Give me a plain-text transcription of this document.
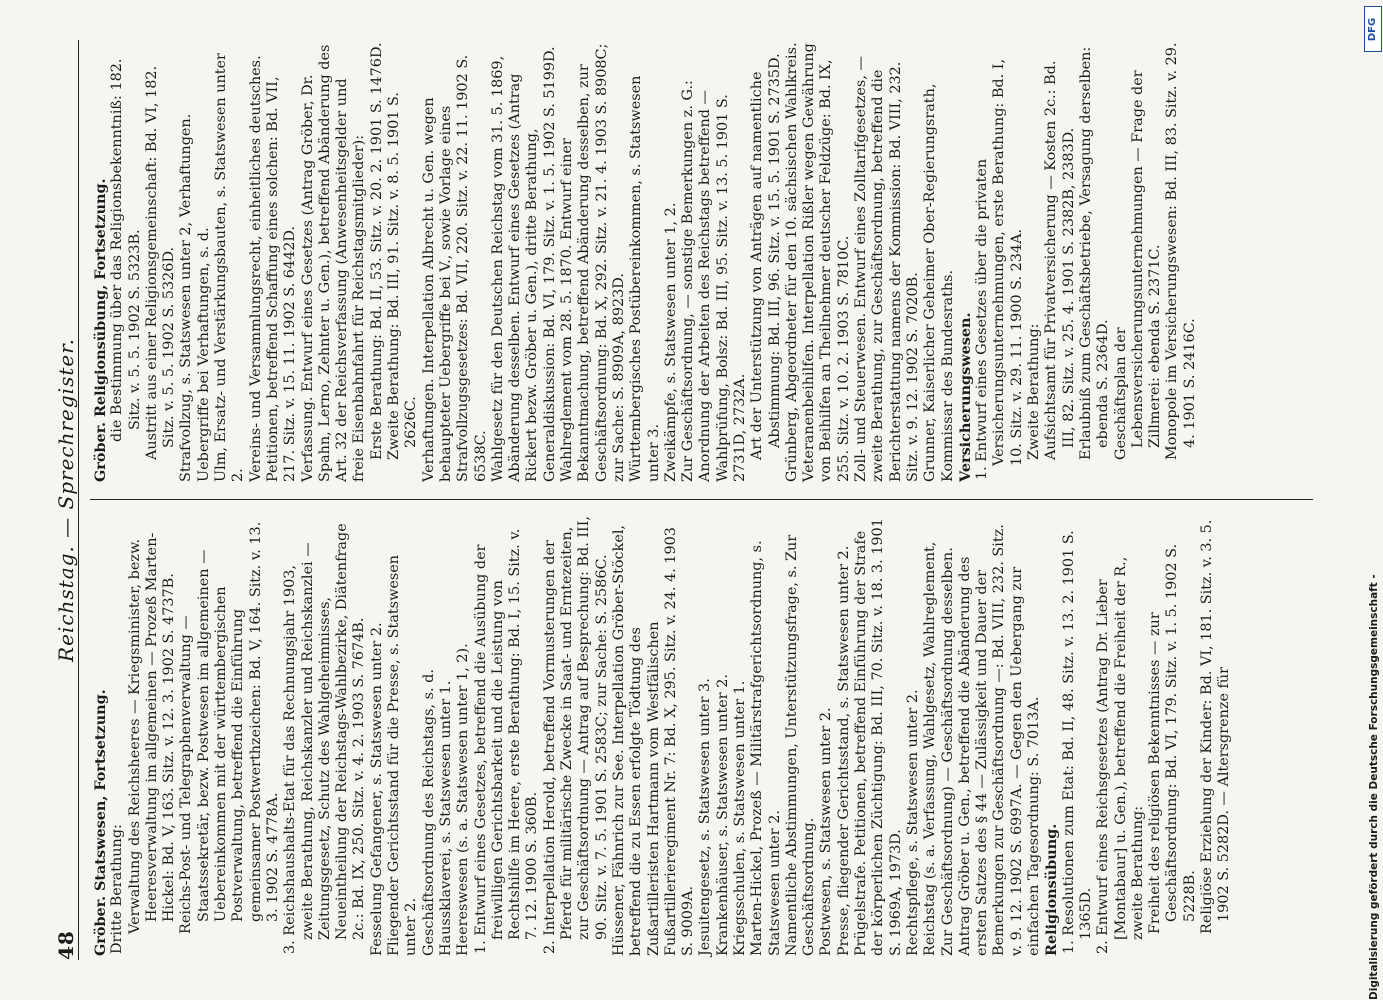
48
Reichstag. — Sprechregister.

Gröber. Statswesen, Fortsetzung. Dritte Berathung: Verwaltung des Reichsheeres — Kriegsminister, bezw. Heeresverwaltung im allgemeinen — Prozeß Marten-Hickel: Bd. V, 163. Sitz. v. 12. 3. 1902 S. 4737B. Reichs-Post- und Telegraphenverwaltung — Staatssekretär, bezw. Postwesen im allgemeinen — Uebereinkommen mit der württembergischen Postverwaltung, betreffend die Einführung gemeinsamer Postwerthzeichen: Bd. V, 164. Sitz. v. 13. 3. 1902 S. 4778A. 3. Reichshaushalts-Etat für das Rechnungsjahr 1903, zweite Berathung, Reichskanzler und Reichskanzlei — Zeitungsgesetz, Schutz des Wahlgeheimnisses, Neueintheilung der Reichstags-Wahlbezirke, Diätenfrage 2c.: Bd. IX, 250. Sitz. v. 4. 2. 1903 S. 7674B. Fesselung Gefangener, s. Statswesen unter 2. Fliegender Gerichtsstand für die Presse, s. Statswesen unter 2. Geschäftsordnung des Reichstags, s. d. Haussklaverei, s. Statswesen unter 1. Heereswesen (s. a. Statswesen unter 1, 2). 1. Entwurf eines Gesetzes, betreffend die Ausübung der freiwilligen Gerichtsbarkeit und die Leistung von Rechtshilfe im Heere, erste Berathung: Bd. I, 15. Sitz. v. 7. 12. 1900 S. 360B. 2. Interpellation Herold, betreffend Vormusterungen der Pferde für militärische Zwecke in Saat- und Erntezeiten, zur Geschäftsordnung — Antrag auf Besprechung: Bd. III, 90. Sitz. v. 7. 5. 1901 S. 2583C; zur Sache: S. 2586C. Hüssener, Fähnrich zur See. Interpellation Gröber-Stöckel, betreffend die zu Essen erfolgte Tödtung des Zußartilleristen Hartmann vom Westfälischen Fußartillerieregiment Nr. 7: Bd. X, 295. Sitz. v. 24. 4. 1903 S. 9009A. Jesuitengesetz, s. Statswesen unter 3. Krankenhäuser, s. Statswesen unter 2. Kriegsschulen, s. Statswesen unter 1. Marten-Hickel, Prozeß — Militärstrafgerichtsordnung, s. Statswesen unter 2. Namentliche Abstimmungen, Unterstützungsfrage, s. Zur Geschäftsordnung. Postwesen, s. Statswesen unter 2. Presse, fliegender Gerichtsstand, s. Statswesen unter 2. Prügelstrafe. Petitionen, betreffend Einführung der Strafe der körperlichen Züchtigung: Bd. III, 70. Sitz. v. 18. 3. 1901 S. 1969A, 1973D. Rechtspflege, s. Statswesen unter 2. Reichstag (s. a. Verfassung, Wahlgesetz, Wahlreglement, Zur Geschäftsordnung) — Geschäftsordnung desselben. Antrag Gröber u. Gen., betreffend die Abänderung des ersten Satzes des § 44 — Zulässigkeit und Dauer der Bemerkungen zur Geschäftsordnung —: Bd. VIII, 232. Sitz. v. 9. 12. 1902 S. 6997A. — Gegen den Uebergang zur einfachen Tagesordnung: S. 7013A. Religionsübung. 1. Resolutionen zum Etat: Bd. II, 48. Sitz. v. 13. 2. 1901 S. 1365D. 2. Entwurf eines Reichsgesetzes (Antrag Dr. Lieber [Montabaur] u. Gen.), betreffend die Freiheit der R., zweite Berathung: Freiheit des religiösen Bekenntnisses — zur Geschäftsordnung: Bd. VI, 179. Sitz. v. 1. 5. 1902 S. 5228B. Religiöse Erziehung der Kinder: Bd. VI, 181. Sitz. v. 3. 5. 1902 S. 5282D. — Altersgrenze für

Gröber. Religionsübung, Fortsetzung. die Bestimmung über das Religionsbekenntniß: 182. Sitz. v. 5. 5. 1902 S. 5323B. Austritt aus einer Religionsgemeinschaft: Bd. VI, 182. Sitz. v. 5. 5. 1902 S. 5326D. Strafvollzug, s. Statswesen unter 2, Verhaftungen. Uebergriffe bei Verhaftungen, s. d. Ulm, Ersatz- und Verstärkungsbauten, s. Statswesen unter 2. Vereins- und Versammlungsrecht, einheitliches deutsches. Petitionen, betreffend Schaffung eines solchen: Bd. VII, 217. Sitz. v. 15. 11. 1902 S. 6442D. Verfassung. Entwurf eines Gesetzes (Antrag Gröber, Dr. Spahn, Lerno, Zehnter u. Gen.), betreffend Abänderung des Art. 32 der Reichsverfassung (Anwesenheitsgelder und freie Eisenbahnfahrt für Reichstagsmitglieder): Erste Berathung: Bd. II, 53. Sitz. v. 20. 2. 1901 S. 1476D. Zweite Berathung: Bd. III, 91. Sitz. v. 8. 5. 1901 S. 2626C. Verhaftungen. Interpellation Albrecht u. Gen. wegen behaupteter Uebergriffe bei V., sowie Vorlage eines Strafvollzugsgesetzes: Bd. VII, 220. Sitz. v. 22. 11. 1902 S. 6538C. Wahlgesetz für den Deutschen Reichstag vom 31. 5. 1869, Abänderung desselben. Entwurf eines Gesetzes (Antrag Rickert bezw. Gröber u. Gen.), dritte Berathung, Generaldiskussion: Bd. VI, 179. Sitz. v. 1. 5. 1902 S. 5199D. Wahlreglement vom 28. 5. 1870. Entwurf einer Bekanntmachung, betreffend Abänderung desselben, zur Geschäftsordnung: Bd. X, 292. Sitz. v. 21. 4. 1903 S. 8908C; zur Sache: S. 8909A, 8923D. Württembergisches Postübereinkommen, s. Statswesen unter 3. Zweikämpfe, s. Statswesen unter 1, 2. Zur Geschäftsordnung, — sonstige Bemerkungen z. G.: Anordnung der Arbeiten des Reichstags betreffend — Wahlprüfung, Bolsz: Bd. III, 95. Sitz. v. 13. 5. 1901 S. 2731D, 2732A. Art der Unterstützung von Anträgen auf namentliche Abstimmung: Bd. III, 96. Sitz. v. 15. 5. 1901 S. 2735D. Grünberg, Abgeordneter für den 10. sächsischen Wahlkreis. Veteranenbeihilfen. Interpellation Rißler wegen Gewährung von Beihilfen an Theilnehmer deutscher Feldzüge: Bd. IX, 255. Sitz. v. 10. 2. 1903 S. 7810C. Zoll- und Steuerwesen. Entwurf eines Zolltarifgesetzes, — zweite Berathung, zur Geschäftsordnung, betreffend die Berichterstattung namens der Kommission: Bd. VIII, 232. Sitz. v. 9. 12. 1902 S. 7020B. Grunner, Kaiserlicher Geheimer Ober-Regierungsrath, Kommissar des Bundesraths. Versicherungswesen. 1. Entwurf eines Gesetzes über die privaten Versicherungsunternehmungen, erste Berathung: Bd. I, 10. Sitz. v. 29. 11. 1900 S. 234A. Zweite Berathung: Aufsichtsamt für Privatversicherung — Kosten 2c.: Bd. III, 82. Sitz. v. 25. 4. 1901 S. 2382B, 2383D. Erlaubniß zum Geschäftsbetriebe, Versagung derselben: ebenda S. 2364D. Geschäftsplan der Lebensversicherungsunternehmungen — Frage der Zillmerei: ebenda S. 2371C. Monopole im Versicherungswesen: Bd. III, 83. Sitz. v. 29. 4. 1901 S. 2416C.

Digitalisierung gefördert durch die Deutsche Forschungsgemeinschaft -
DFG
